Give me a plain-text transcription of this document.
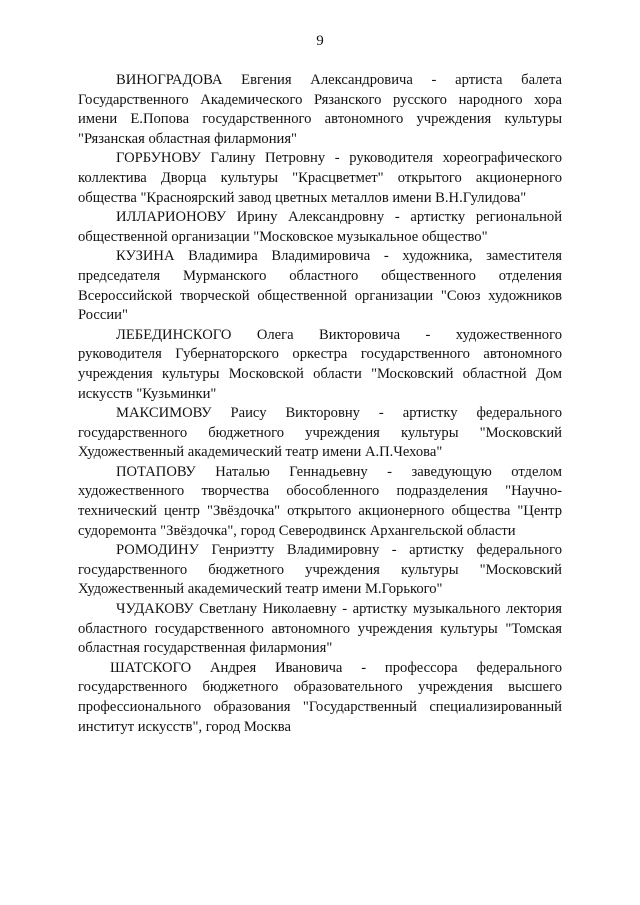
9

ВИНОГРАДОВА Евгения Александровича - артиста балета Государственного Академического Рязанского русского народного хора имени Е.Попова государственного автономного учреждения культуры "Рязанская областная филармония"

ГОРБУНОВУ Галину Петровну - руководителя хореографического коллектива Дворца культуры "Красцветмет" открытого акционерного общества "Красноярский завод цветных металлов имени В.Н.Гулидова"

ИЛЛАРИОНОВУ Ирину Александровну - артистку региональной общественной организации "Московское музыкальное общество"

КУЗИНА Владимира Владимировича - художника, заместителя председателя Мурманского областного общественного отделения Всероссийской творческой общественной организации "Союз художников России"

ЛЕБЕДИНСКОГО Олега Викторовича - художественного руководителя Губернаторского оркестра государственного автономного учреждения культуры Московской области "Московский областной Дом искусств "Кузьминки"

МАКСИМОВУ Раису Викторовну - артистку федерального государственного бюджетного учреждения культуры "Московский Художественный академический театр имени А.П.Чехова"

ПОТАПОВУ Наталью Геннадьевну - заведующую отделом художественного творчества обособленного подразделения "Научно-технический центр "Звёздочка" открытого акционерного общества "Центр судоремонта "Звёздочка", город Северодвинск Архангельской области

РОМОДИНУ Генриэтту Владимировну - артистку федерального государственного бюджетного учреждения культуры "Московский Художественный академический театр имени М.Горького"

ЧУДАКОВУ Светлану Николаевну - артистку музыкального лектория областного государственного автономного учреждения культуры "Томская областная государственная филармония"

ШАТСКОГО Андрея Ивановича - профессора федерального государственного бюджетного образовательного учреждения высшего профессионального образования "Государственный специализированный институт искусств", город Москва
